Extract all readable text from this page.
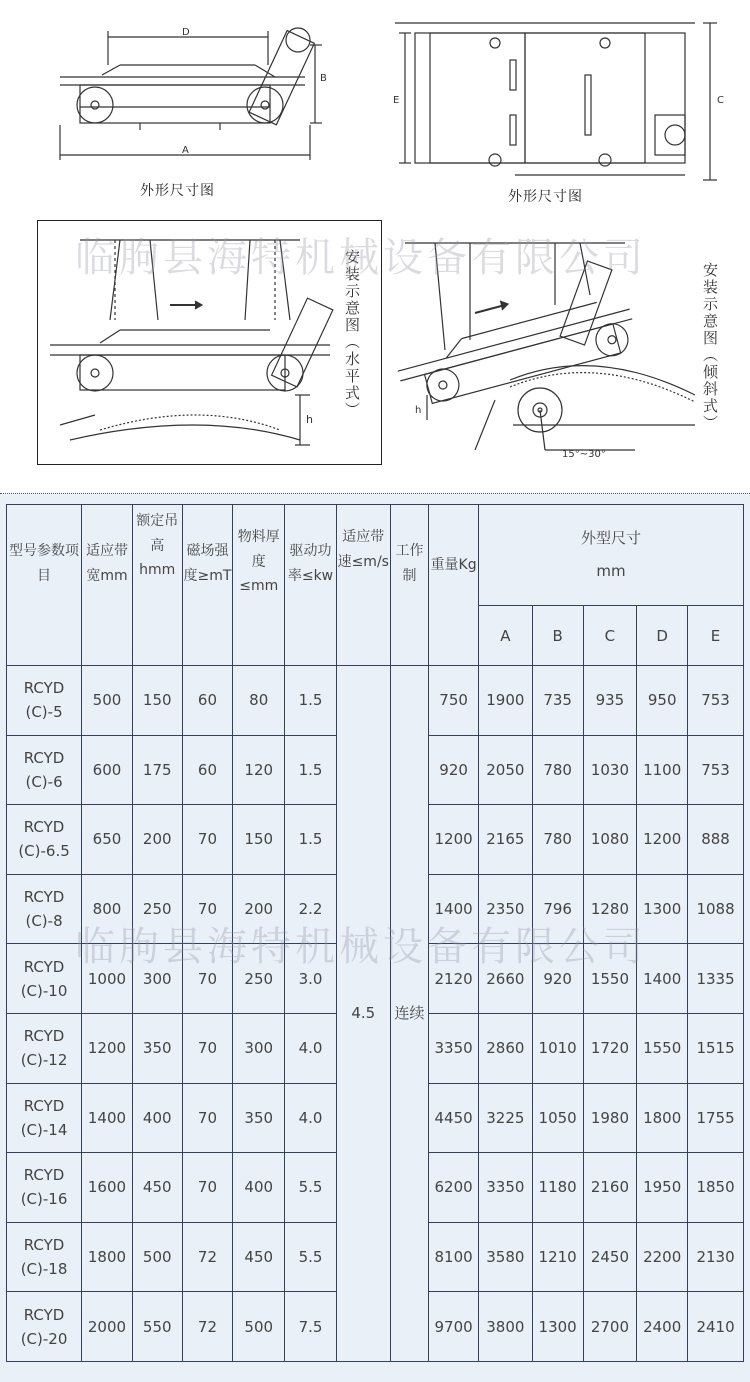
D
A
B
外形尺寸图
E	C
外形尺寸图
h
安装示意图（水平式）
15°~30°
h	安装示意图（倾斜式）
型号参数项目	适应带宽mm	额定吊高hmm	磁场强度≥mT	物料厚度≤mm	驱动功率≤kw	适应带速≤m/s	工作制	重量Kg	外型尺寸
mm				

									A	B	C	D	E

RCYD
(C)-5	500	150	60	80	1.5	4.5	连续	750	1900	735	935	950	753

RCYD
(C)-6	600	175	60	120	1.5			920	2050	780	1030	1100	753

RCYD
(C)-6.5	650	200	70	150	1.5			1200	2165	780	1080	1200	888

RCYD
(C)-8	800	250	70	200	2.2			1400	2350	796	1280	1300	1088

RCYD
(C)-10	1000	300	70	250	3.0			2120	2660	920	1550	1400	1335

RCYD
(C)-12	1200	350	70	300	4.0			3350	2860	1010	1720	1550	1515

RCYD
(C)-14	1400	400	70	350	4.0			4450	3225	1050	1980	1800	1755

RCYD
(C)-16	1600	450	70	400	5.5			6200	3350	1180	2160	1950	1850

RCYD
(C)-18	1800	500	72	450	5.5			8100	3580	1210	2450	2200	2130

RCYD
(C)-20	2000	550	72	500	7.5			9700	3800	1300	2700	2400	2410
临朐县海特机械设备有限公司
临朐县海特机械设备有限公司
